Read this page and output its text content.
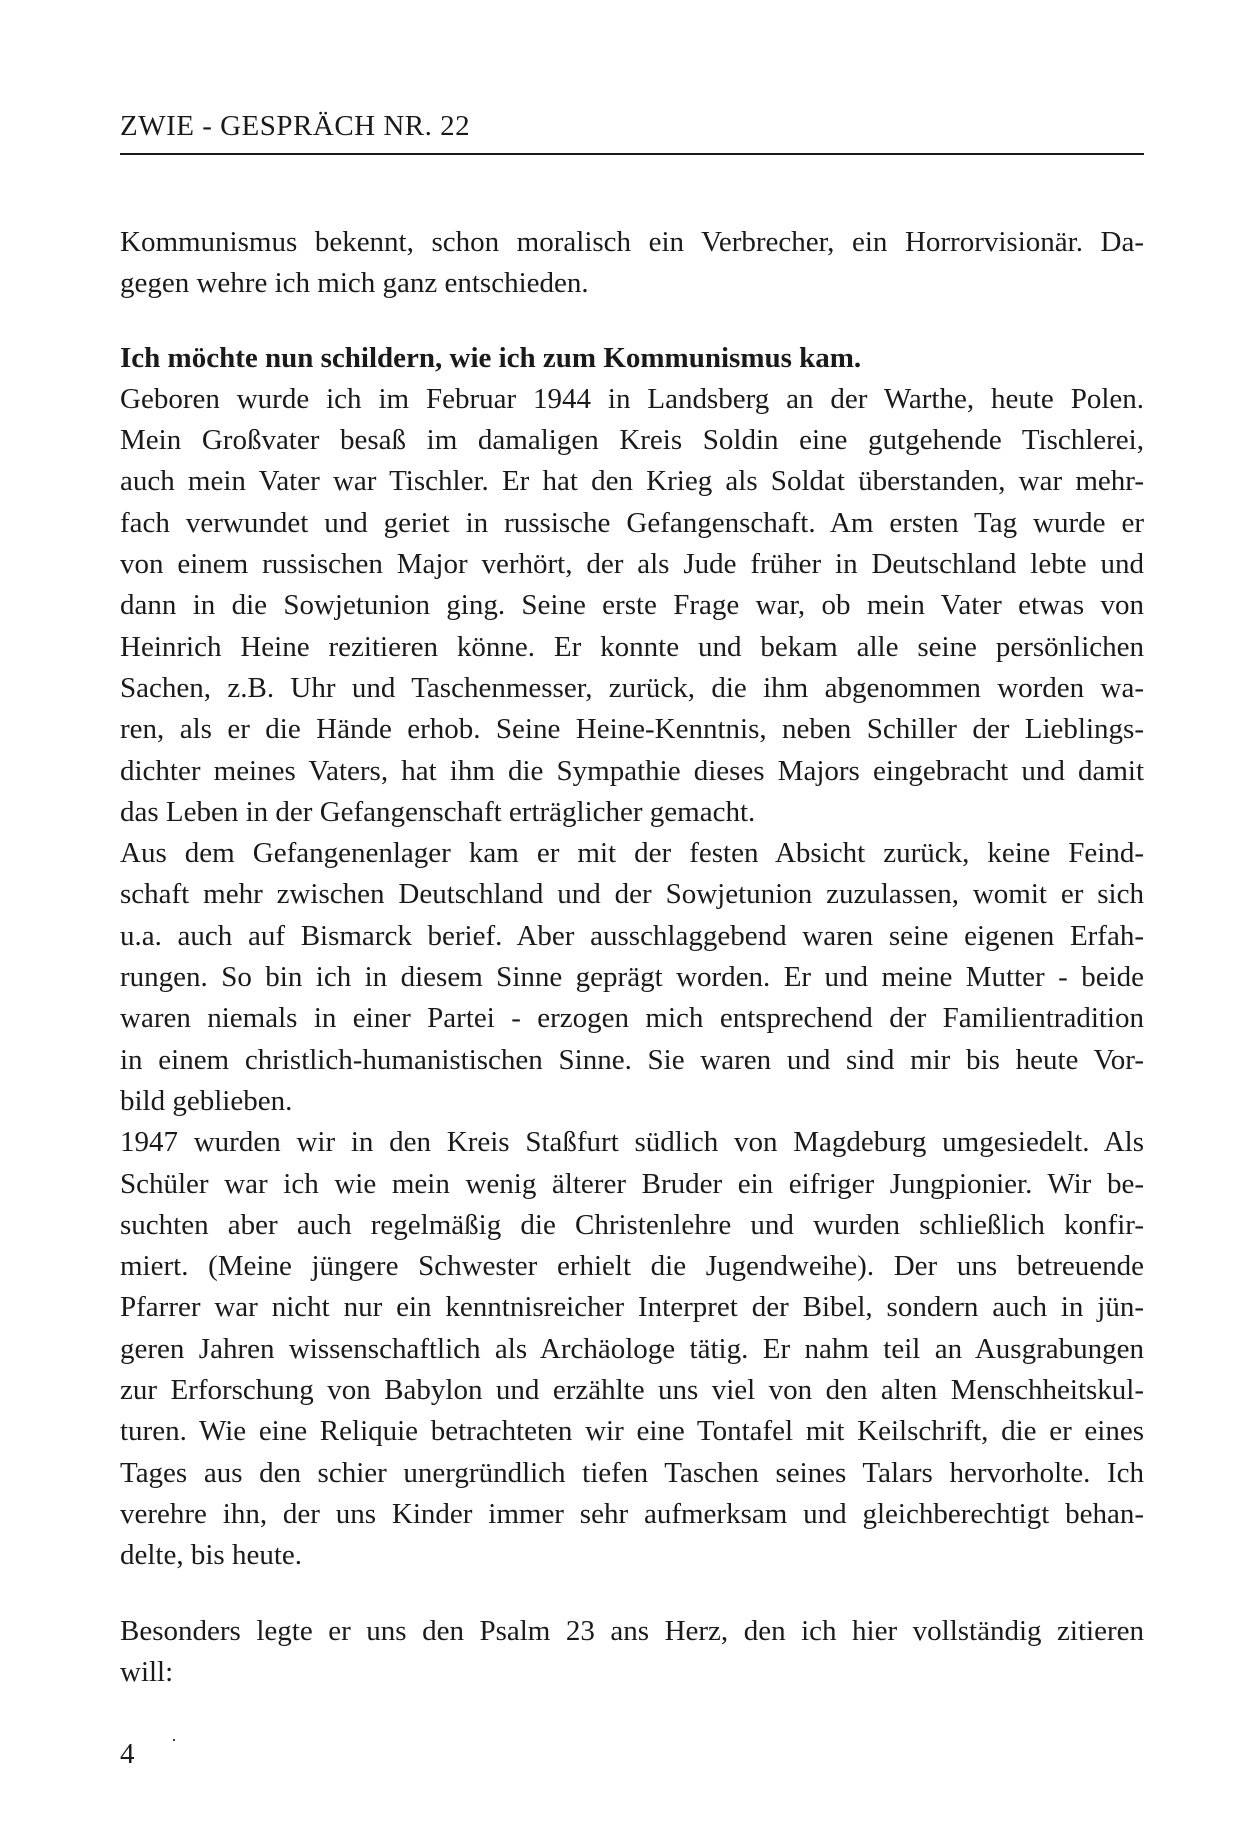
ZWIE - GESPRÄCH NR. 22
Kommunismus bekennt, schon moralisch ein Verbrecher, ein Horrorvisionär. Da-
gegen wehre ich mich ganz entschieden.
Ich möchte nun schildern, wie ich zum Kommunismus kam.
Geboren wurde ich im Februar 1944 in Landsberg an der Warthe, heute Polen.
Mein Großvater besaß im damaligen Kreis Soldin eine gutgehende Tischlerei,
auch mein Vater war Tischler. Er hat den Krieg als Soldat überstanden, war mehr-
fach verwundet und geriet in russische Gefangenschaft. Am ersten Tag wurde er
von einem russischen Major verhört, der als Jude früher in Deutschland lebte und
dann in die Sowjetunion ging. Seine erste Frage war, ob mein Vater etwas von
Heinrich Heine rezitieren könne. Er konnte und bekam alle seine persönlichen
Sachen, z.B. Uhr und Taschenmesser, zurück, die ihm abgenommen worden wa-
ren, als er die Hände erhob. Seine Heine-Kenntnis, neben Schiller der Lieblings-
dichter meines Vaters, hat ihm die Sympathie dieses Majors eingebracht und damit
das Leben in der Gefangenschaft erträglicher gemacht.
Aus dem Gefangenenlager kam er mit der festen Absicht zurück, keine Feind-
schaft mehr zwischen Deutschland und der Sowjetunion zuzulassen, womit er sich
u.a. auch auf Bismarck berief. Aber ausschlaggebend waren seine eigenen Erfah-
rungen. So bin ich in diesem Sinne geprägt worden. Er und meine Mutter - beide
waren niemals in einer Partei - erzogen mich entsprechend der Familientradition
in einem christlich-humanistischen Sinne. Sie waren und sind mir bis heute Vor-
bild geblieben.
1947 wurden wir in den Kreis Staßfurt südlich von Magdeburg umgesiedelt. Als
Schüler war ich wie mein wenig älterer Bruder ein eifriger Jungpionier. Wir be-
suchten aber auch regelmäßig die Christenlehre und wurden schließlich konfir-
miert. (Meine jüngere Schwester erhielt die Jugendweihe). Der uns betreuende
Pfarrer war nicht nur ein kenntnisreicher Interpret der Bibel, sondern auch in jün-
geren Jahren wissenschaftlich als Archäologe tätig. Er nahm teil an Ausgrabungen
zur Erforschung von Babylon und erzählte uns viel von den alten Menschheitskul-
turen. Wie eine Reliquie betrachteten wir eine Tontafel mit Keilschrift, die er eines
Tages aus den schier unergründlich tiefen Taschen seines Talars hervorholte. Ich
verehre ihn, der uns Kinder immer sehr aufmerksam und gleichberechtigt behan-
delte, bis heute.
Besonders legte er uns den Psalm 23 ans Herz, den ich hier vollständig zitieren
will:
4 ·
